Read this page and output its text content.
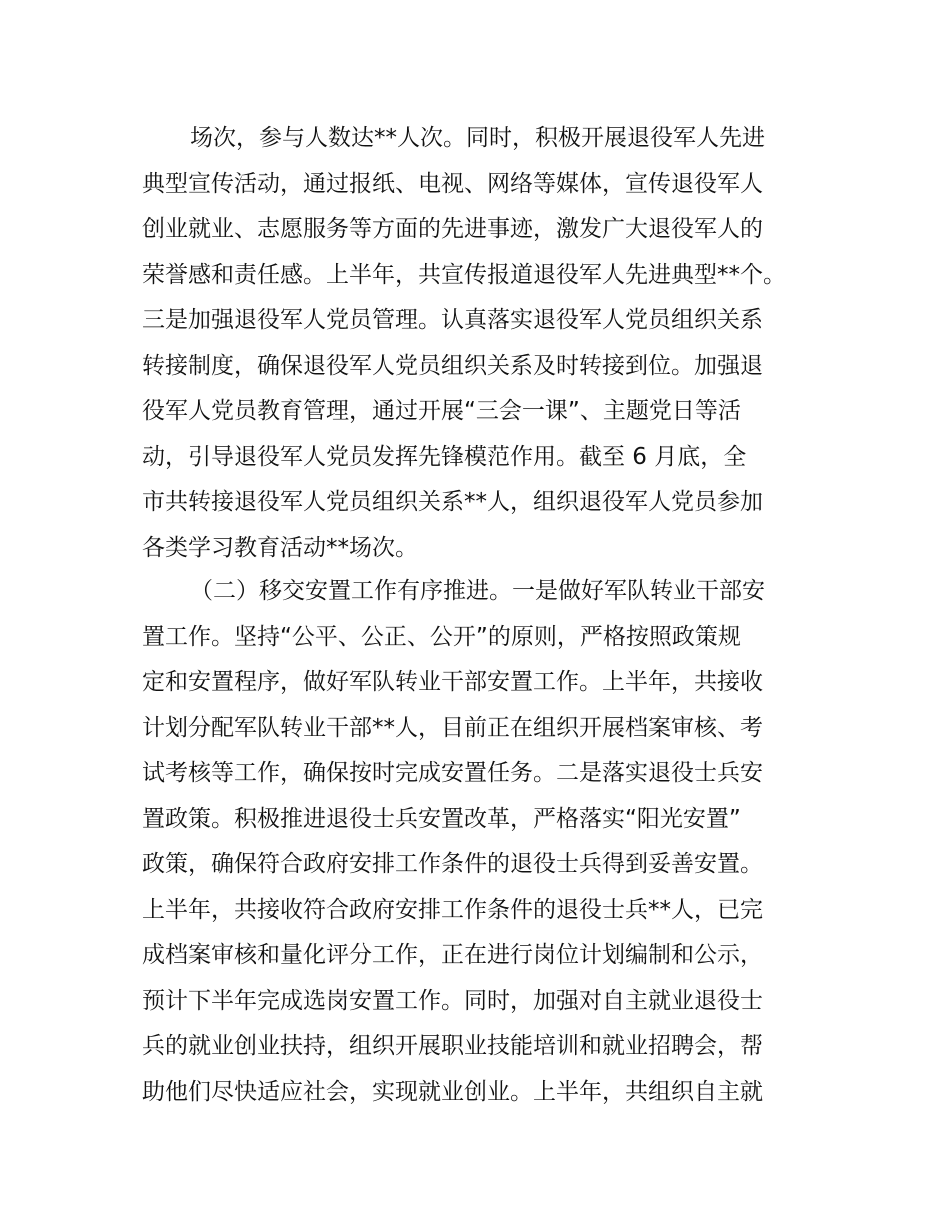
场次，参与人数达**人次。同时，积极开展退役军人先进
典型宣传活动，通过报纸、电视、网络等媒体，宣传退役军人
创业就业、志愿服务等方面的先进事迹，激发广大退役军人的
荣誉感和责任感。上半年，共宣传报道退役军人先进典型**个。
三是加强退役军人党员管理。认真落实退役军人党员组织关系
转接制度，确保退役军人党员组织关系及时转接到位。加强退
役军人党员教育管理，通过开展“三会一课”、主题党日等活
动，引导退役军人党员发挥先锋模范作用。截至 6 月底，全
市共转接退役军人党员组织关系**人，组织退役军人党员参加
各类学习教育活动**场次。
（二）移交安置工作有序推进。一是做好军队转业干部安
置工作。坚持“公平、公正、公开”的原则，严格按照政策规
定和安置程序，做好军队转业干部安置工作。上半年，共接收
计划分配军队转业干部**人，目前正在组织开展档案审核、考
试考核等工作，确保按时完成安置任务。二是落实退役士兵安
置政策。积极推进退役士兵安置改革，严格落实“阳光安置”
政策，确保符合政府安排工作条件的退役士兵得到妥善安置。
上半年，共接收符合政府安排工作条件的退役士兵**人，已完
成档案审核和量化评分工作，正在进行岗位计划编制和公示，
预计下半年完成选岗安置工作。同时，加强对自主就业退役士
兵的就业创业扶持，组织开展职业技能培训和就业招聘会，帮
助他们尽快适应社会，实现就业创业。上半年，共组织自主就
